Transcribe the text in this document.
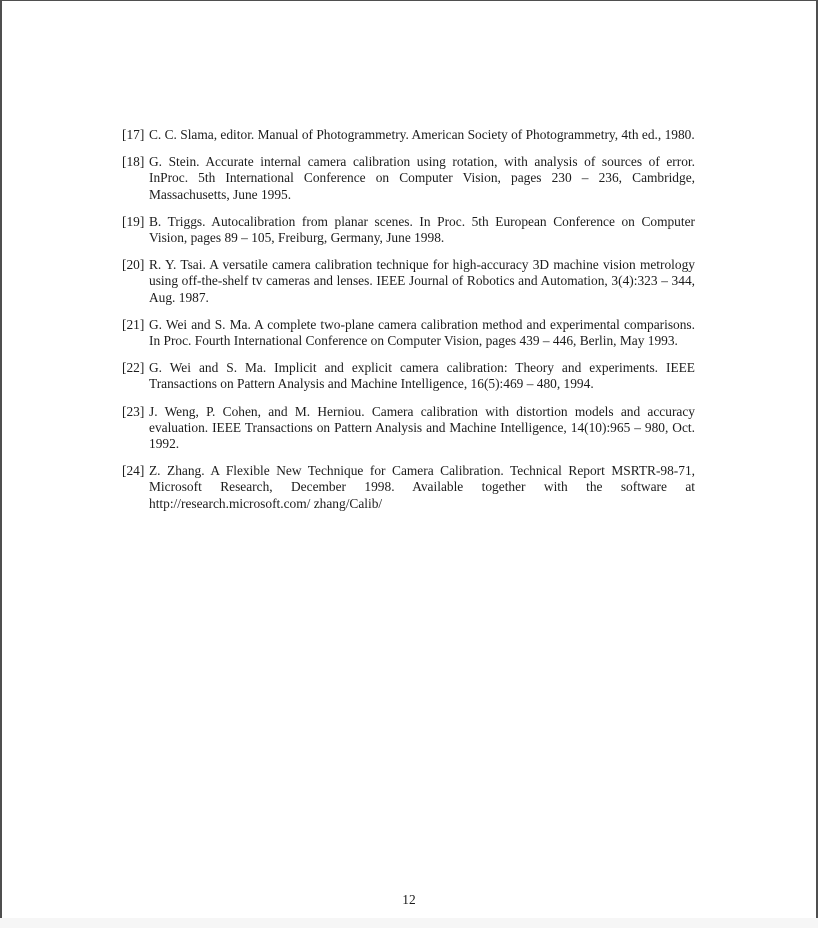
[17] C. C. Slama, editor. Manual of Photogrammetry. American Society of Photogrammetry, 4th ed., 1980.
[18] G. Stein. Accurate internal camera calibration using rotation, with analysis of sources of error. InProc. 5th International Conference on Computer Vision, pages 230 – 236, Cambridge, Massachusetts, June 1995.
[19] B. Triggs. Autocalibration from planar scenes. In Proc. 5th European Conference on Computer Vision, pages 89 – 105, Freiburg, Germany, June 1998.
[20] R. Y. Tsai. A versatile camera calibration technique for high-accuracy 3D machine vision metrology using off-the-shelf tv cameras and lenses. IEEE Journal of Robotics and Automation, 3(4):323 – 344, Aug. 1987.
[21] G. Wei and S. Ma. A complete two-plane camera calibration method and experimental comparisons. In Proc. Fourth International Conference on Computer Vision, pages 439 – 446, Berlin, May 1993.
[22] G. Wei and S. Ma. Implicit and explicit camera calibration: Theory and experiments. IEEE Transactions on Pattern Analysis and Machine Intelligence, 16(5):469 – 480, 1994.
[23] J. Weng, P. Cohen, and M. Herniou. Camera calibration with distortion models and accuracy evaluation. IEEE Transactions on Pattern Analysis and Machine Intelligence, 14(10):965 – 980, Oct. 1992.
[24] Z. Zhang. A Flexible New Technique for Camera Calibration. Technical Report MSRTR-98-71, Microsoft Research, December 1998. Available together with the software at http://research.microsoft.com/ zhang/Calib/
12
